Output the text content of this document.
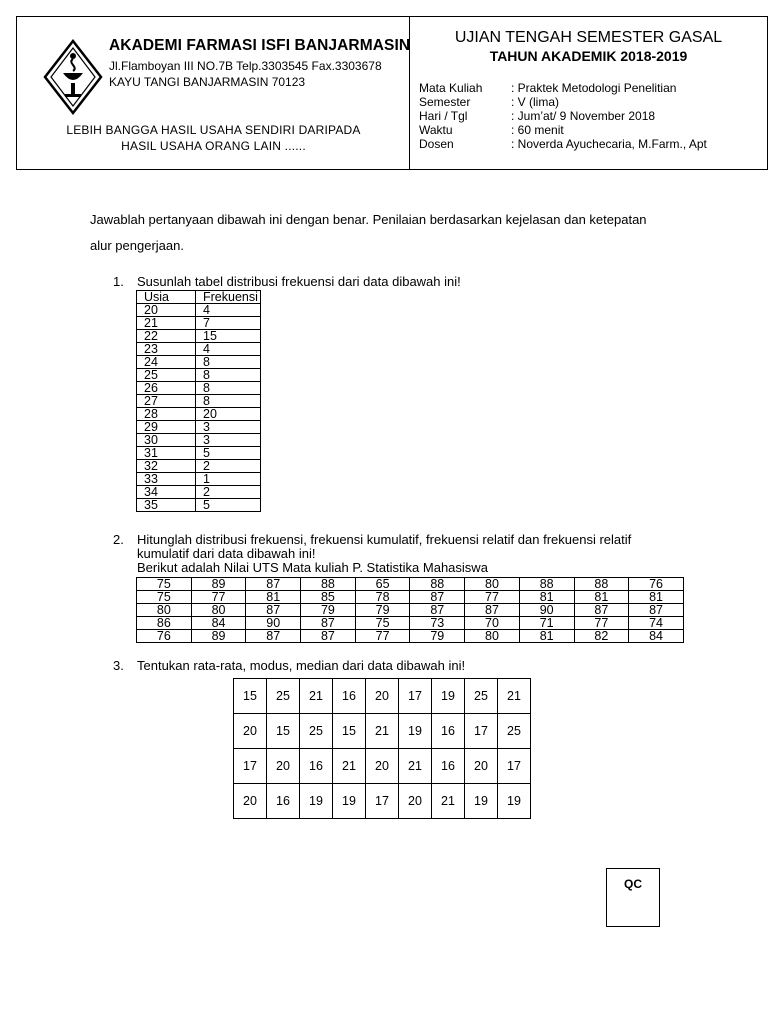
AKADEMI FARMASI ISFI BANJARMASIN
Jl.Flamboyan III NO.7B Telp.3303545 Fax.3303678
KAYU TANGI BANJARMASIN 70123
LEBIH BANGGA HASIL USAHA SENDIRI DARIPADA
HASIL USAHA ORANG LAIN ......
UJIAN TENGAH SEMESTER GASAL
TAHUN AKADEMIK 2018-2019
Mata Kuliah : Praktek Metodologi Penelitian
Semester	: V (lima)
Hari / Tgl	: Jum’at/ 9 November 2018
Waktu	: 60 menit
Dosen	: Noverda Ayuchecaria, M.Farm., Apt
Jawablah pertanyaan dibawah ini dengan benar. Penilaian berdasarkan kejelasan dan ketepatan
alur pengerjaan.
1. Susunlah tabel distribusi frekuensi dari data dibawah ini!
Usia	Frekuensi
20	4
21	7
22	15
23	4
24	8
25	8
26	8
27	8
28	20
29	3
30	3
31	5
32	2
33	1
34	2
35	5
2. Hitunglah distribusi frekuensi, frekuensi kumulatif, frekuensi relatif dan frekuensi relatif
kumulatif dari data dibawah ini!
Berikut adalah Nilai UTS Mata kuliah P. Statistika Mahasiswa
75	89	87	88	65	88	80	88	88	76
75	77	81	85	78	87	77	81	81	81
80	80	87	79	79	87	87	90	87	87
86	84	90	87	75	73	70	71	77	74
76	89	87	87	77	79	80	81	82	84
3. Tentukan rata-rata, modus, median dari data dibawah ini!
15	25	21	16	20	17	19	25	21
20	15	25	15	21	19	16	17	25
17	20	16	21	20	21	16	20	17
20	16	19	19	17	20	21	19	19
QC
